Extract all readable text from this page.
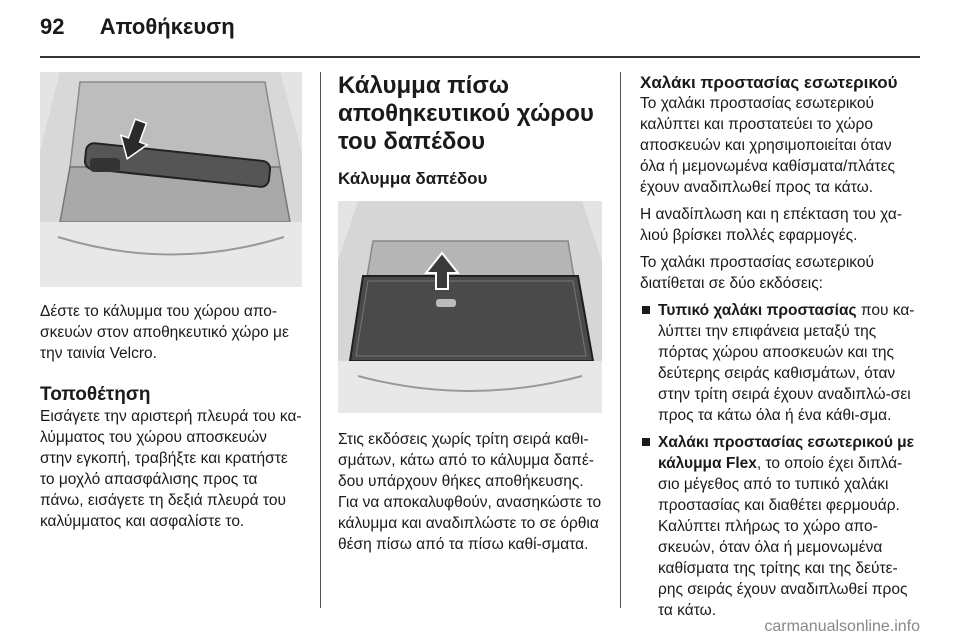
92 Αποθήκευση

Δέστε το κάλυμμα του χώρου απο-σκευών στον αποθηκευτικό χώρο με την ταινία Velcro.

Τοποθέτηση

Εισάγετε την αριστερή πλευρά του κα-λύμματος του χώρου αποσκευών στην εγκοπή, τραβήξτε και κρατήστε το μοχλό απασφάλισης προς τα πάνω, εισάγετε τη δεξιά πλευρά του καλύμματος και ασφαλίστε το.

Κάλυμμα πίσω αποθηκευτικού χώρου του δαπέδου

Κάλυμμα δαπέδου

Στις εκδόσεις χωρίς τρίτη σειρά καθι-σμάτων, κάτω από το κάλυμμα δαπέ-δου υπάρχουν θήκες αποθήκευσης. Για να αποκαλυφθούν, ανασηκώστε το κάλυμμα και αναδιπλώστε το σε όρθια θέση πίσω από τα πίσω καθί-σματα.

Χαλάκι προστασίας εσωτερικού

Το χαλάκι προστασίας εσωτερικού καλύπτει και προστατεύει το χώρο αποσκευών και χρησιμοποιείται όταν όλα ή μεμονωμένα καθίσματα/πλάτες έχουν αναδιπλωθεί προς τα κάτω.

Η αναδίπλωση και η επέκταση του χα-λιού βρίσκει πολλές εφαρμογές.

Το χαλάκι προστασίας εσωτερικού διατίθεται σε δύο εκδόσεις:

Τυπικό χαλάκι προστασίας που κα-λύπτει την επιφάνεια μεταξύ της πόρτας χώρου αποσκευών και της δεύτερης σειράς καθισμάτων, όταν στην τρίτη σειρά έχουν αναδιπλώ-σει προς τα κάτω όλα ή ένα κάθι-σμα.
Χαλάκι προστασίας εσωτερικού με κάλυμμα Flex, το οποίο έχει διπλά-σιο μέγεθος από το τυπικό χαλάκι προστασίας και διαθέτει φερμουάρ. Καλύπτει πλήρως το χώρο απο-σκευών, όταν όλα ή μεμονωμένα καθίσματα της τρίτης και της δεύτε-ρης σειράς έχουν αναδιπλωθεί προς τα κάτω.
carmanualsonline.info
